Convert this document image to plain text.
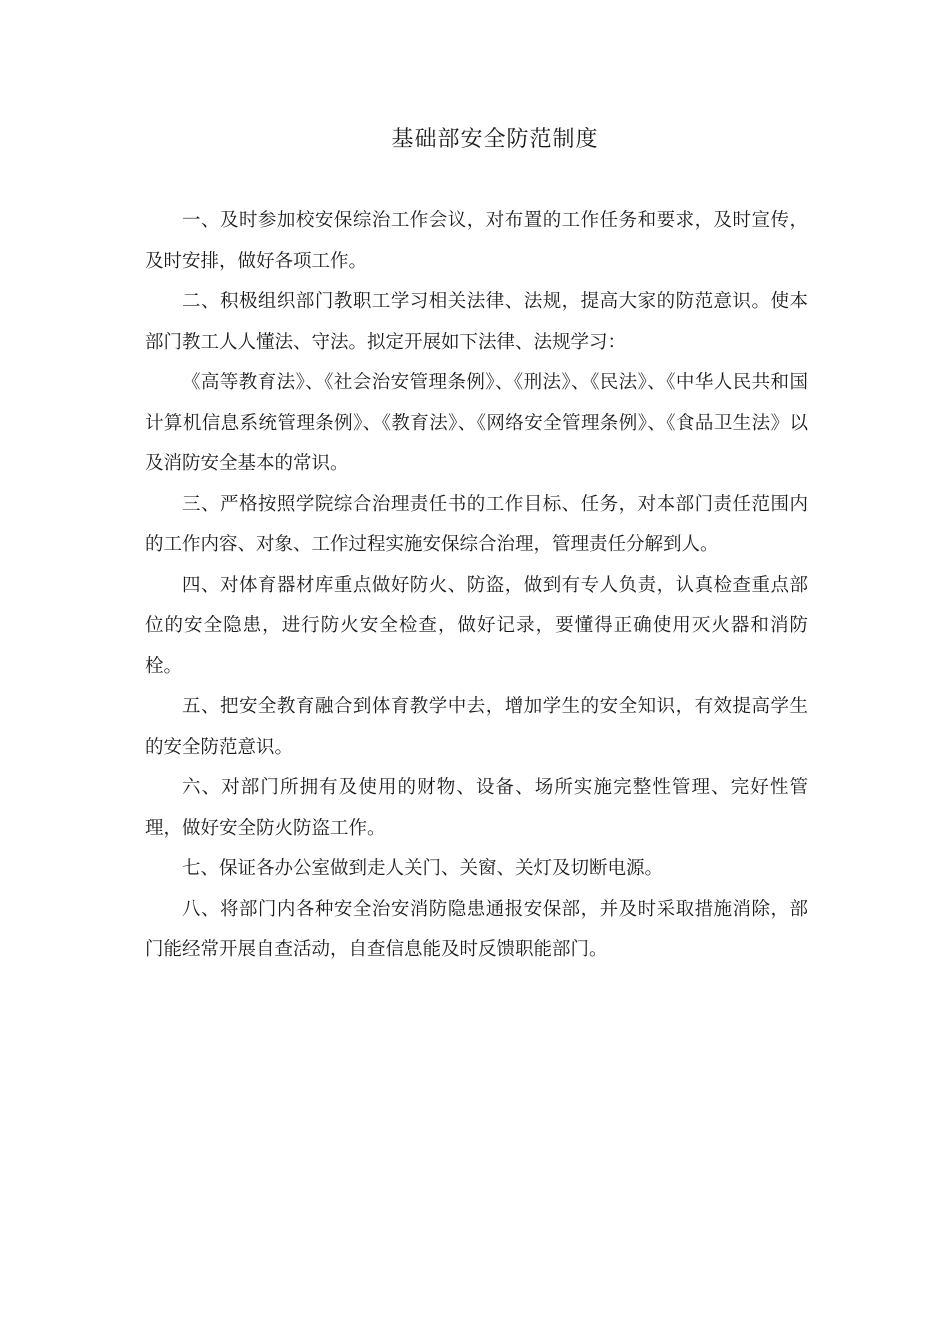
基础部安全防范制度

一、及时参加校安保综治工作会议，对布置的工作任务和要求，及时宣传，及时安排，做好各项工作。

二、积极组织部门教职工学习相关法律、法规，提高大家的防范意识。使本部门教工人人懂法、守法。拟定开展如下法律、法规学习：

《高等教育法》、《社会治安管理条例》、《刑法》、《民法》、《中华人民共和国计算机信息系统管理条例》、《教育法》、《网络安全管理条例》、《食品卫生法》以及消防安全基本的常识。

三、严格按照学院综合治理责任书的工作目标、任务，对本部门责任范围内的工作内容、对象、工作过程实施安保综合治理，管理责任分解到人。

四、对体育器材库重点做好防火、防盗，做到有专人负责，认真检查重点部位的安全隐患，进行防火安全检查，做好记录，要懂得正确使用灭火器和消防栓。

五、把安全教育融合到体育教学中去，增加学生的安全知识，有效提高学生的安全防范意识。

六、对部门所拥有及使用的财物、设备、场所实施完整性管理、完好性管理，做好安全防火防盗工作。

七、保证各办公室做到走人关门、关窗、关灯及切断电源。

八、将部门内各种安全治安消防隐患通报安保部，并及时采取措施消除，部门能经常开展自查活动，自查信息能及时反馈职能部门。
